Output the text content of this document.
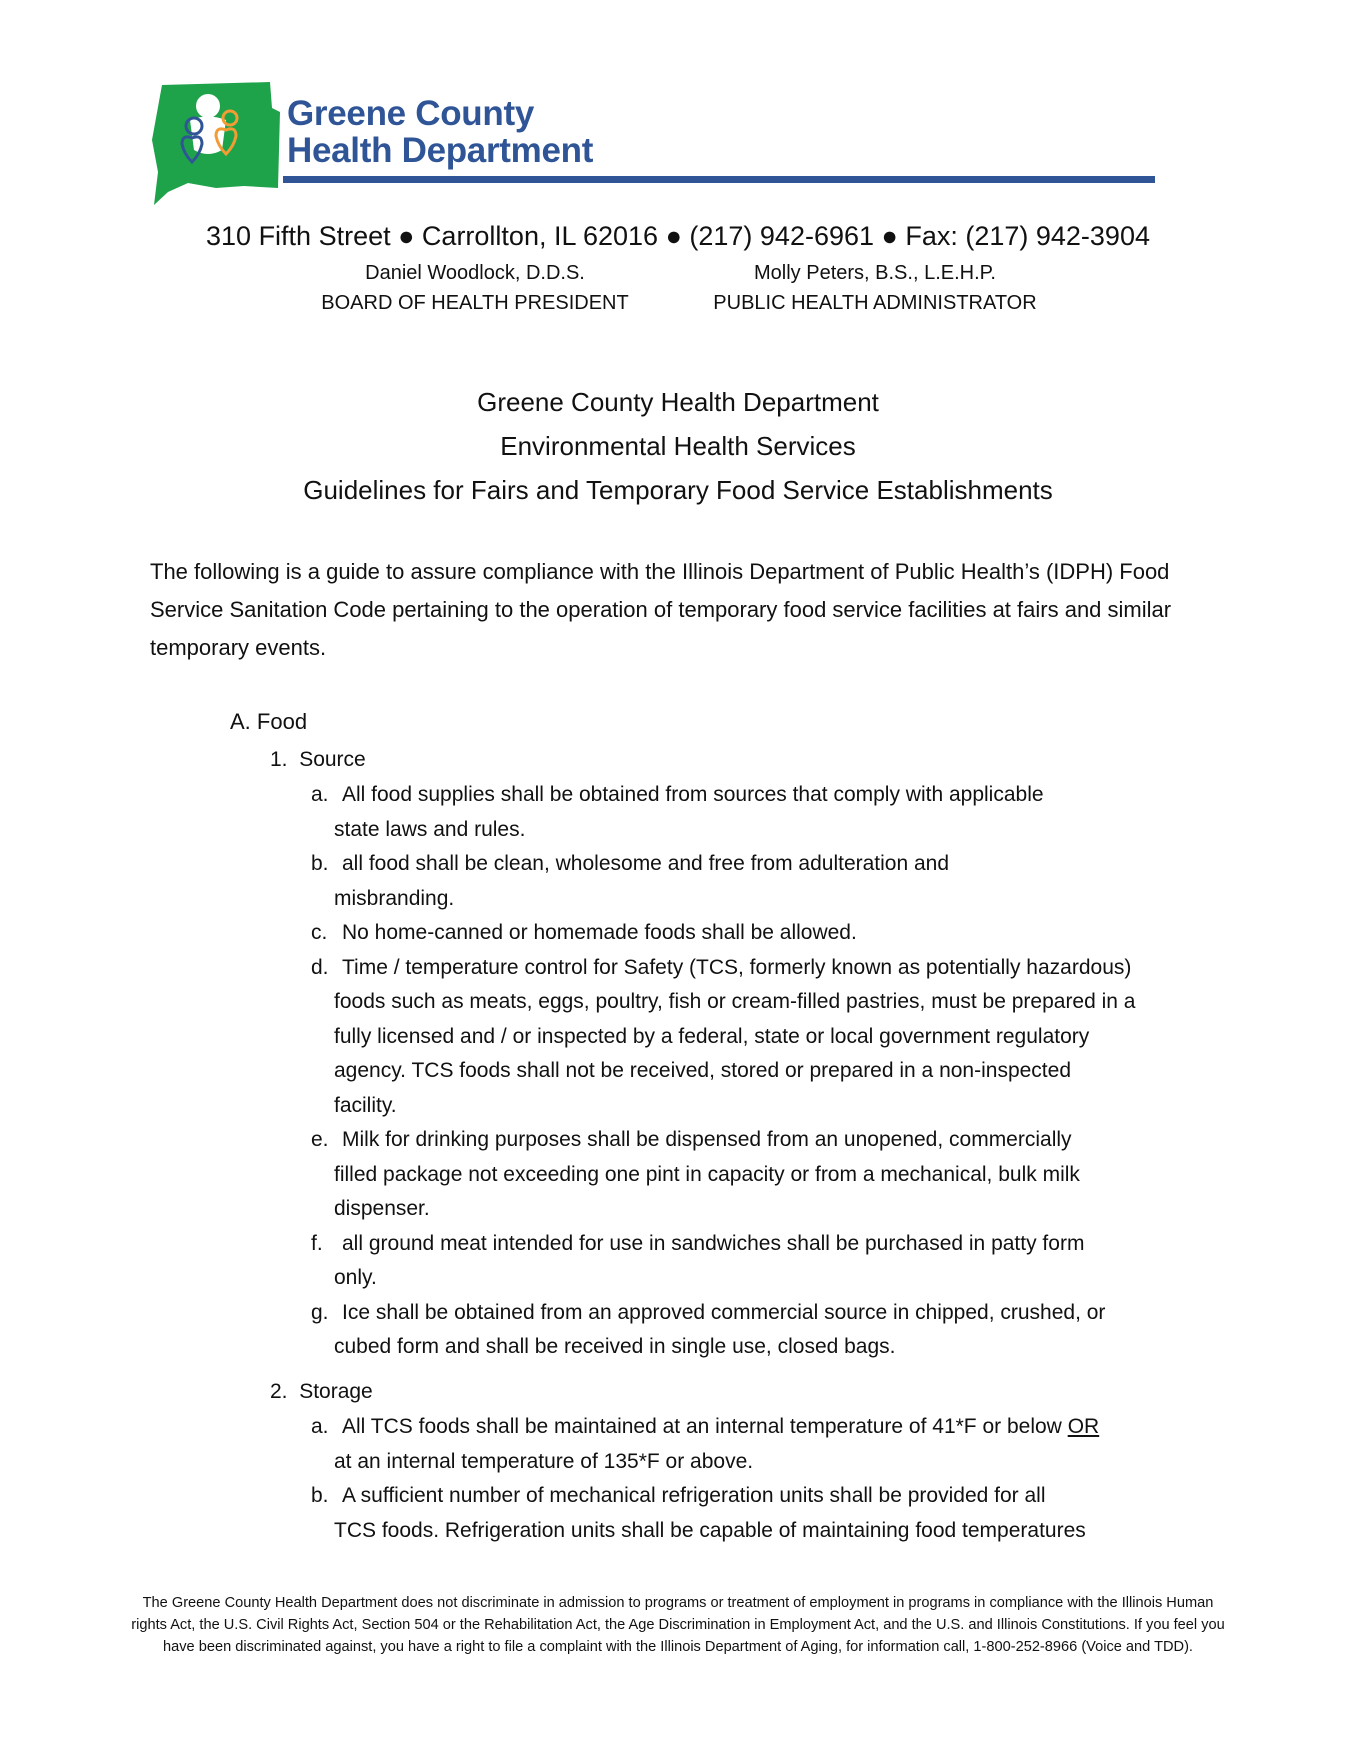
Greene County
Health Department
310 Fifth Street ● Carrollton, IL 62016 ● (217) 942-6961 ● Fax: (217) 942-3904
Daniel Woodlock, D.D.S.
BOARD OF HEALTH PRESIDENT
Molly Peters, B.S., L.E.H.P.
PUBLIC HEALTH ADMINISTRATOR
Greene County Health Department
Environmental Health Services
Guidelines for Fairs and Temporary Food Service Establishments
The following is a guide to assure compliance with the Illinois Department of Public Health’s (IDPH) Food Service Sanitation Code pertaining to the operation of temporary food service facilities at fairs and similar temporary events.
A. Food
1. Source
a. All food supplies shall be obtained from sources that comply with applicable
state laws and rules.
b. all food shall be clean, wholesome and free from adulteration and
misbranding.
c. No home-canned or homemade foods shall be allowed.
d. Time / temperature control for Safety (TCS, formerly known as potentially hazardous)
foods such as meats, eggs, poultry, fish or cream-filled pastries, must be prepared in a
fully licensed and / or inspected by a federal, state or local government regulatory
agency. TCS foods shall not be received, stored or prepared in a non-inspected
facility.
e. Milk for drinking purposes shall be dispensed from an unopened, commercially
filled package not exceeding one pint in capacity or from a mechanical, bulk milk
dispenser.
f. all ground meat intended for use in sandwiches shall be purchased in patty form
only.
g. Ice shall be obtained from an approved commercial source in chipped, crushed, or
cubed form and shall be received in single use, closed bags.
2. Storage
a. All TCS foods shall be maintained at an internal temperature of 41*F or below OR
at an internal temperature of 135*F or above.
b. A sufficient number of mechanical refrigeration units shall be provided for all
TCS foods. Refrigeration units shall be capable of maintaining food temperatures
The Greene County Health Department does not discriminate in admission to programs or treatment of employment in programs in compliance with the Illinois Human rights Act, the U.S. Civil Rights Act, Section 504 or the Rehabilitation Act, the Age Discrimination in Employment Act, and the U.S. and Illinois Constitutions. If you feel you have been discriminated against, you have a right to file a complaint with the Illinois Department of Aging, for information call, 1-800-252-8966 (Voice and TDD).
